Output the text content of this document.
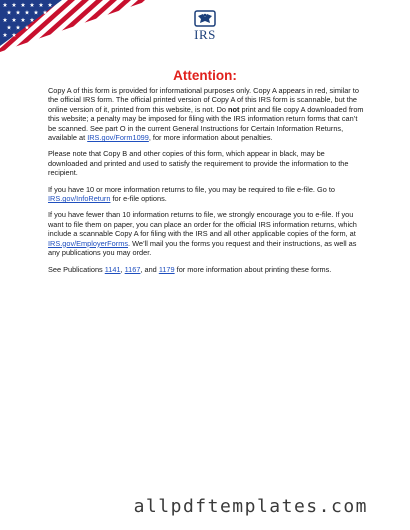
IRS
Attention:

Copy A of this form is provided for informational purposes only. Copy A appears in red, similar to the official IRS form. The official printed version of Copy A of this IRS form is scannable, but the online version of it, printed from this website, is not. Do not print and file copy A downloaded from this website; a penalty may be imposed for filing with the IRS information return forms that can’t be scanned. See part O in the current General Instructions for Certain Information Returns, available at IRS.gov/Form1099, for more information about penalties.

Please note that Copy B and other copies of this form, which appear in black, may be downloaded and printed and used to satisfy the requirement to provide the information to the recipient.

If you have 10 or more information returns to file, you may be required to file e-file. Go to IRS.gov/InfoReturn for e-file options.

If you have fewer than 10 information returns to file, we strongly encourage you to e-file. If you want to file them on paper, you can place an order for the official IRS information returns, which include a scannable Copy A for filing with the IRS and all other applicable copies of the form, at IRS.gov/EmployerForms. We’ll mail you the forms you request and their instructions, as well as any publications you may order.

See Publications 1141, 1167, and 1179 for more information about printing these forms.

allpdftemplates.com
